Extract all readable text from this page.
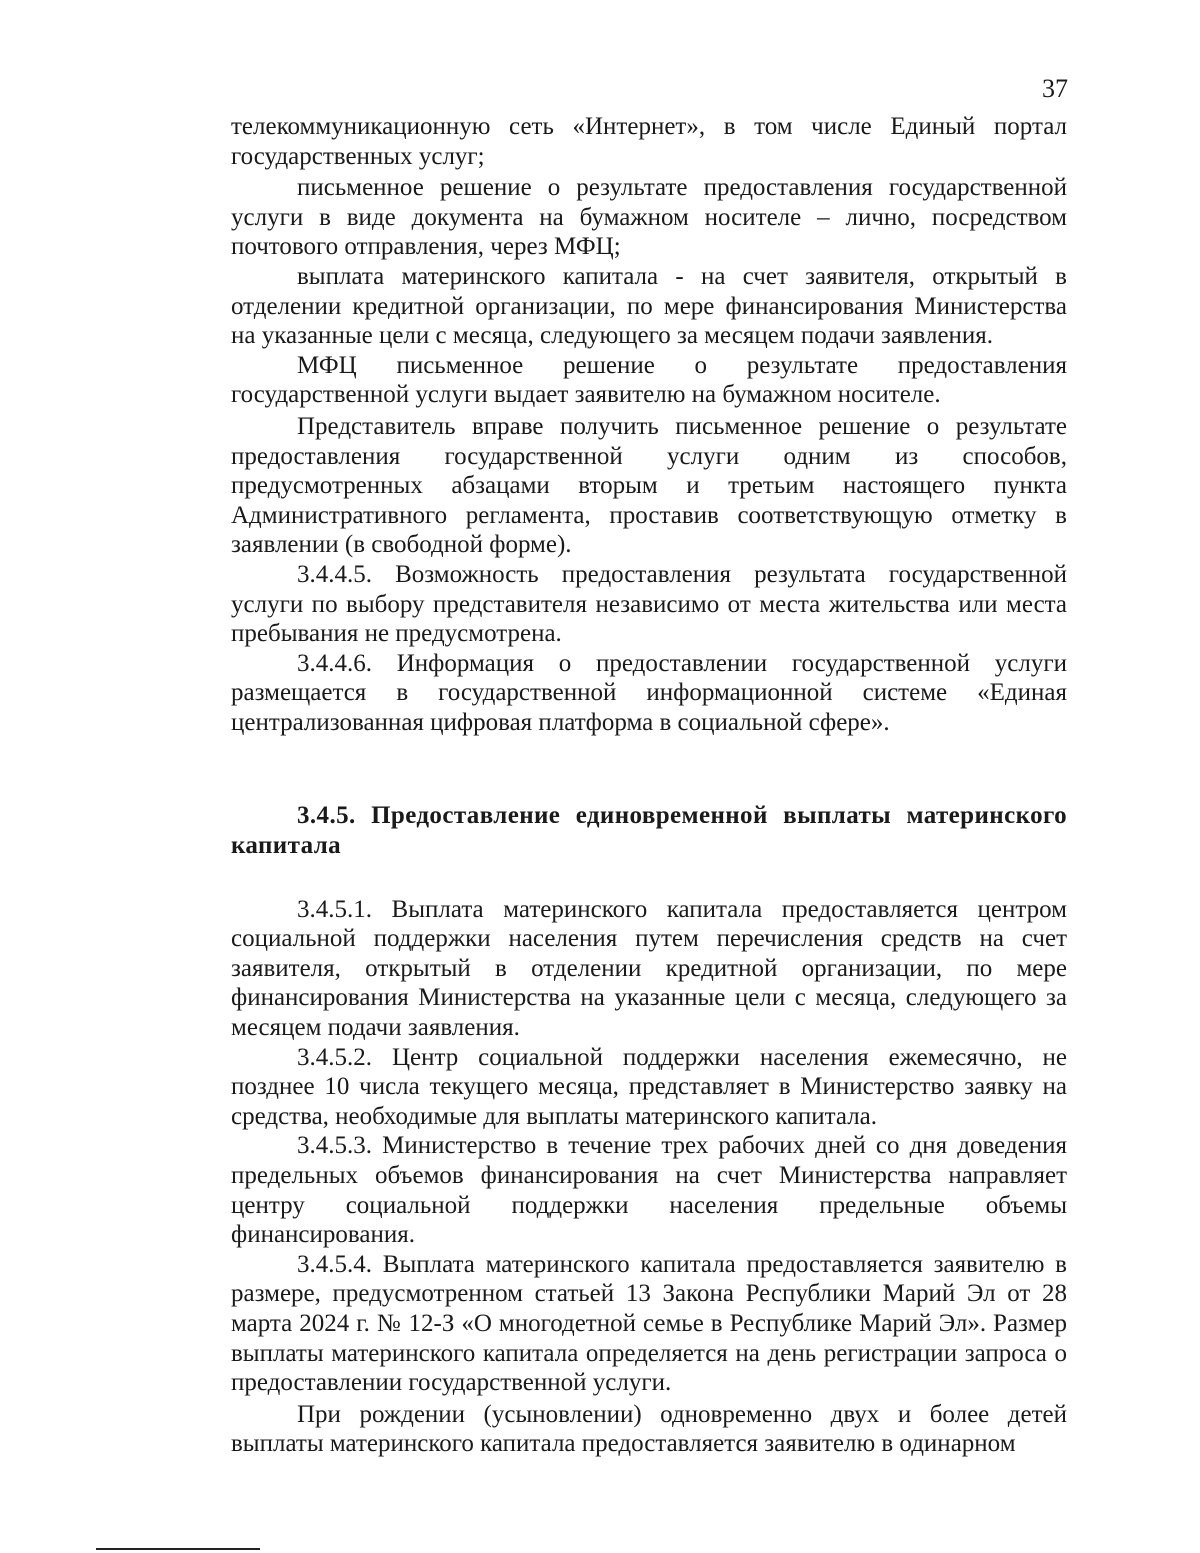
37

телекоммуникационную сеть «Интернет», в том числе Единый портал государственных услуг;

письменное решение о результате предоставления государственной услуги в виде документа на бумажном носителе – лично, посредством почтового отправления, через МФЦ;

выплата материнского капитала - на счет заявителя, открытый в отделении кредитной организации, по мере финансирования Министерства на указанные цели с месяца, следующего за месяцем подачи заявления.

МФЦ письменное решение о результате предоставления государственной услуги выдает заявителю на бумажном носителе.

Представитель вправе получить письменное решение о результате предоставления государственной услуги одним из способов, предусмотренных абзацами вторым и третьим настоящего пункта Административного регламента, проставив соответствующую отметку в заявлении (в свободной форме).

3.4.4.5. Возможность предоставления результата государственной услуги по выбору представителя независимо от места жительства или места пребывания не предусмотрена.

3.4.4.6. Информация о предоставлении государственной услуги размещается в государственной информационной системе «Единая централизованная цифровая платформа в социальной сфере».

3.4.5. Предоставление единовременной выплаты материнского капитала

3.4.5.1. Выплата материнского капитала предоставляется центром социальной поддержки населения путем перечисления средств на счет заявителя, открытый в отделении кредитной организации, по мере финансирования Министерства на указанные цели с месяца, следующего за месяцем подачи заявления.

3.4.5.2. Центр социальной поддержки населения ежемесячно, не позднее 10 числа текущего месяца, представляет в Министерство заявку на средства, необходимые для выплаты материнского капитала.

3.4.5.3. Министерство в течение трех рабочих дней со дня доведения предельных объемов финансирования на счет Министерства направляет центру социальной поддержки населения предельные объемы финансирования.

3.4.5.4. Выплата материнского капитала предоставляется заявителю в размере, предусмотренном статьей 13 Закона Республики Марий Эл от 28 марта 2024 г. № 12-З «О многодетной семье в Республике Марий Эл». Размер выплаты материнского капитала определяется на день регистрации запроса о предоставлении государственной услуги.

При рождении (усыновлении) одновременно двух и более детей выплаты материнского капитала предоставляется заявителю в одинарном
